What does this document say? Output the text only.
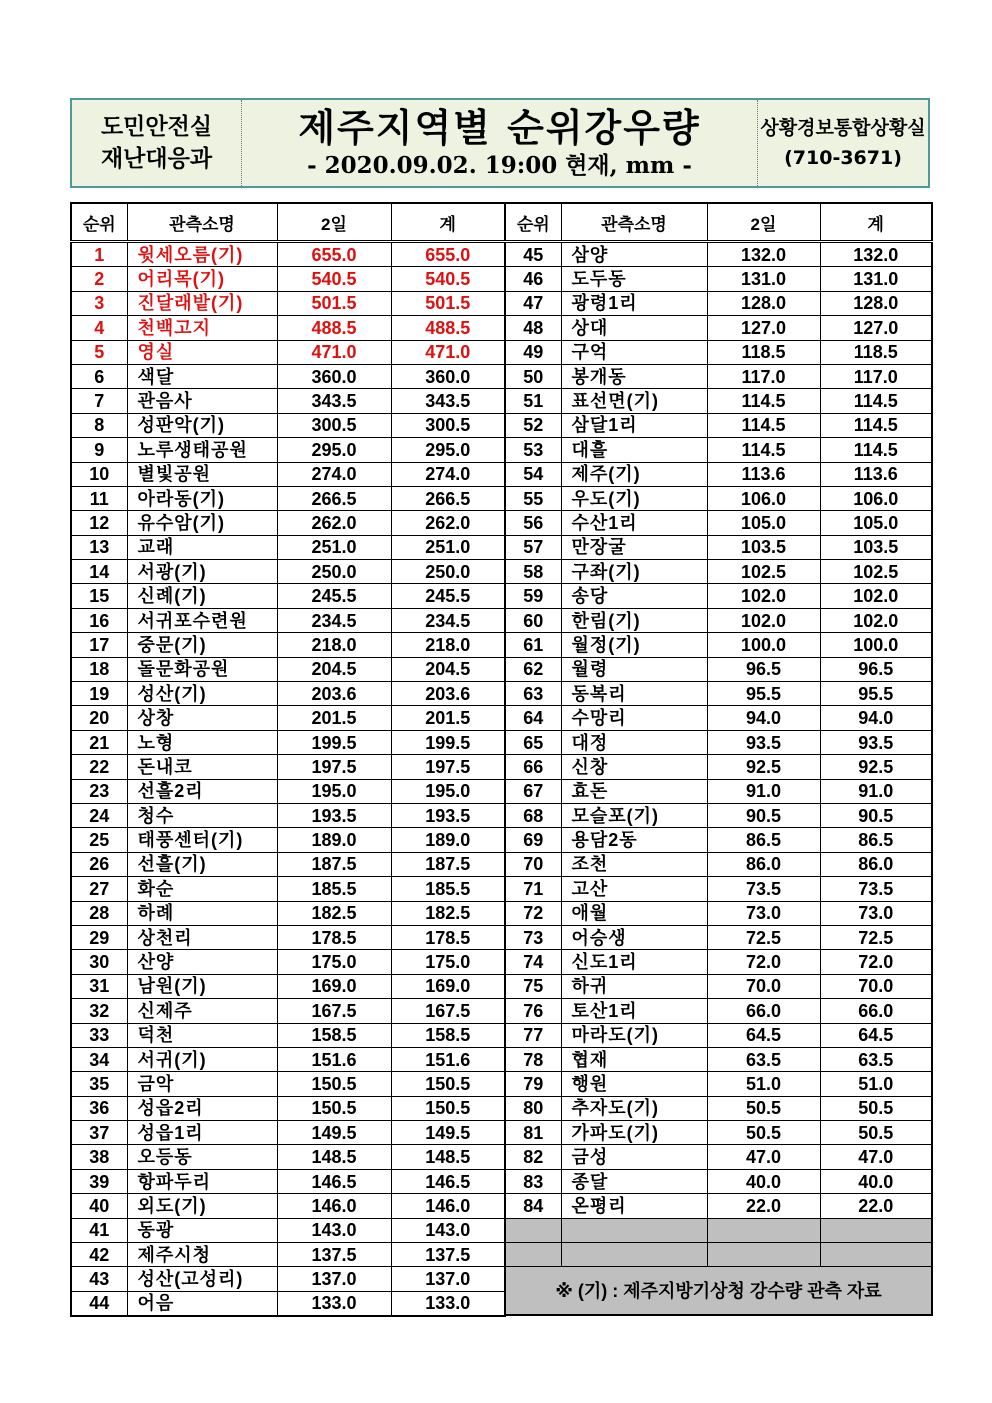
도민안전실
재난대응과
제주지역별 순위강우량
- 2020.09.02. 19:00 현재, mm -
상황경보통합상황실
(710-3671)
순위	관측소명	2일	계
1	윗세오름(기)	655.0	655.0
2	어리목(기)	540.5	540.5
3	진달래밭(기)	501.5	501.5
4	천백고지	488.5	488.5
5	영실	471.0	471.0
6	색달	360.0	360.0
7	관음사	343.5	343.5
8	성판악(기)	300.5	300.5
9	노루생태공원	295.0	295.0
10	별빛공원	274.0	274.0
11	아라동(기)	266.5	266.5
12	유수암(기)	262.0	262.0
13	교래	251.0	251.0
14	서광(기)	250.0	250.0
15	신례(기)	245.5	245.5
16	서귀포수련원	234.5	234.5
17	중문(기)	218.0	218.0
18	돌문화공원	204.5	204.5
19	성산(기)	203.6	203.6
20	상창	201.5	201.5
21	노형	199.5	199.5
22	돈내코	197.5	197.5
23	선흘2리	195.0	195.0
24	청수	193.5	193.5
25	태풍센터(기)	189.0	189.0
26	선흘(기)	187.5	187.5
27	화순	185.5	185.5
28	하례	182.5	182.5
29	상천리	178.5	178.5
30	산양	175.0	175.0
31	남원(기)	169.0	169.0
32	신제주	167.5	167.5
33	덕천	158.5	158.5
34	서귀(기)	151.6	151.6
35	금악	150.5	150.5
36	성읍2리	150.5	150.5
37	성읍1리	149.5	149.5
38	오등동	148.5	148.5
39	항파두리	146.5	146.5
40	외도(기)	146.0	146.0
41	동광	143.0	143.0
42	제주시청	137.5	137.5
43	성산(고성리)	137.0	137.0
44	어음	133.0	133.0
순위	관측소명	2일	계
45	삼양	132.0	132.0
46	도두동	131.0	131.0
47	광령1리	128.0	128.0
48	상대	127.0	127.0
49	구억	118.5	118.5
50	봉개동	117.0	117.0
51	표선면(기)	114.5	114.5
52	삼달1리	114.5	114.5
53	대흘	114.5	114.5
54	제주(기)	113.6	113.6
55	우도(기)	106.0	106.0
56	수산1리	105.0	105.0
57	만장굴	103.5	103.5
58	구좌(기)	102.5	102.5
59	송당	102.0	102.0
60	한림(기)	102.0	102.0
61	월정(기)	100.0	100.0
62	월령	96.5	96.5
63	동복리	95.5	95.5
64	수망리	94.0	94.0
65	대정	93.5	93.5
66	신창	92.5	92.5
67	효돈	91.0	91.0
68	모슬포(기)	90.5	90.5
69	용담2동	86.5	86.5
70	조천	86.0	86.0
71	고산	73.5	73.5
72	애월	73.0	73.0
73	어승생	72.5	72.5
74	신도1리	72.0	72.0
75	하귀	70.0	70.0
76	토산1리	66.0	66.0
77	마라도(기)	64.5	64.5
78	협재	63.5	63.5
79	행원	51.0	51.0
80	추자도(기)	50.5	50.5
81	가파도(기)	50.5	50.5
82	금성	47.0	47.0
83	종달	40.0	40.0
84	온평리	22.0	22.0

※ (기) : 제주지방기상청 강수량 관측 자료			
